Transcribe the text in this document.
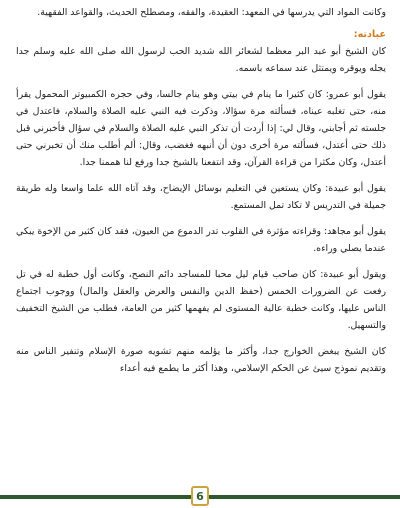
وكانت المواد التي يدرسها في المعهد: العقيدة، والفقه، ومصطلح الحديث، والقواعد الفقهية.

عبادته:

كان الشيخ أبو عبد البر معظما لشعائر الله شديد الحب لرسول الله صلى الله عليه وسلم جدا يجله ويوقره ويمتثل عند سماعه باسمه.

يقول أبو عمرو: كان كثيرا ما ينام في بيتي وهو ينام جالسا، وفي حجره الكمبيوتر المحمول يقرأ منه، حتى تغلبه عيناه، فسألته مرة سؤالا، وذكرت فيه النبي عليه الصلاة والسلام، فاعتدل في جلسته ثم أجابني، وقال لي: إذا أردت أن تذكر النبي عليه الصلاة والسلام في سؤال فأخبرني قبل ذلك حتى أعتدل، فسألته مرة أخرى دون أن أنبهه فغضب، وقال: ألم أطلب منك أن تخبرني حتى أعتدل، وكان مكثرا من قراءة القرآن، وقد انتفعنا بالشيخ جدا ورفع لنا هممنا جدا.

يقول أبو عبيدة: وكان يستعين في التعليم بوسائل الإيضاح، وقد آتاه الله علما واسعا وله طريقة جميلة في التدريس لا تكاد تمل المستمع.

يقول أبو مجاهد: وقراءته مؤثرة في القلوب تدر الدموع من العيون، فقد كان كثير من الإخوة يبكي عندما يصلي وراءه.

ويقول أبو عبيدة: كان صاحب قيام ليل محبا للمساجد دائم النصح، وكانت أول خطبة له في تل رفعت عن الضرورات الخمس (حفظ الدين والنفس والعرض والعقل والمال) ووجوب اجتماع الناس عليها، وكانت خطبة عالية المستوى لم يفهمها كثير من العامة، فطلب من الشيخ التخفيف والتسهيل.

كان الشيخ يبغض الخوارج جدا، وأكثر ما يؤلمه منهم تشويه صورة الإسلام وتنفير الناس منه وتقديم نموذج سيئ عن الحكم الإسلامي، وهذا أكثر ما يطمع فيه أعداء

6
